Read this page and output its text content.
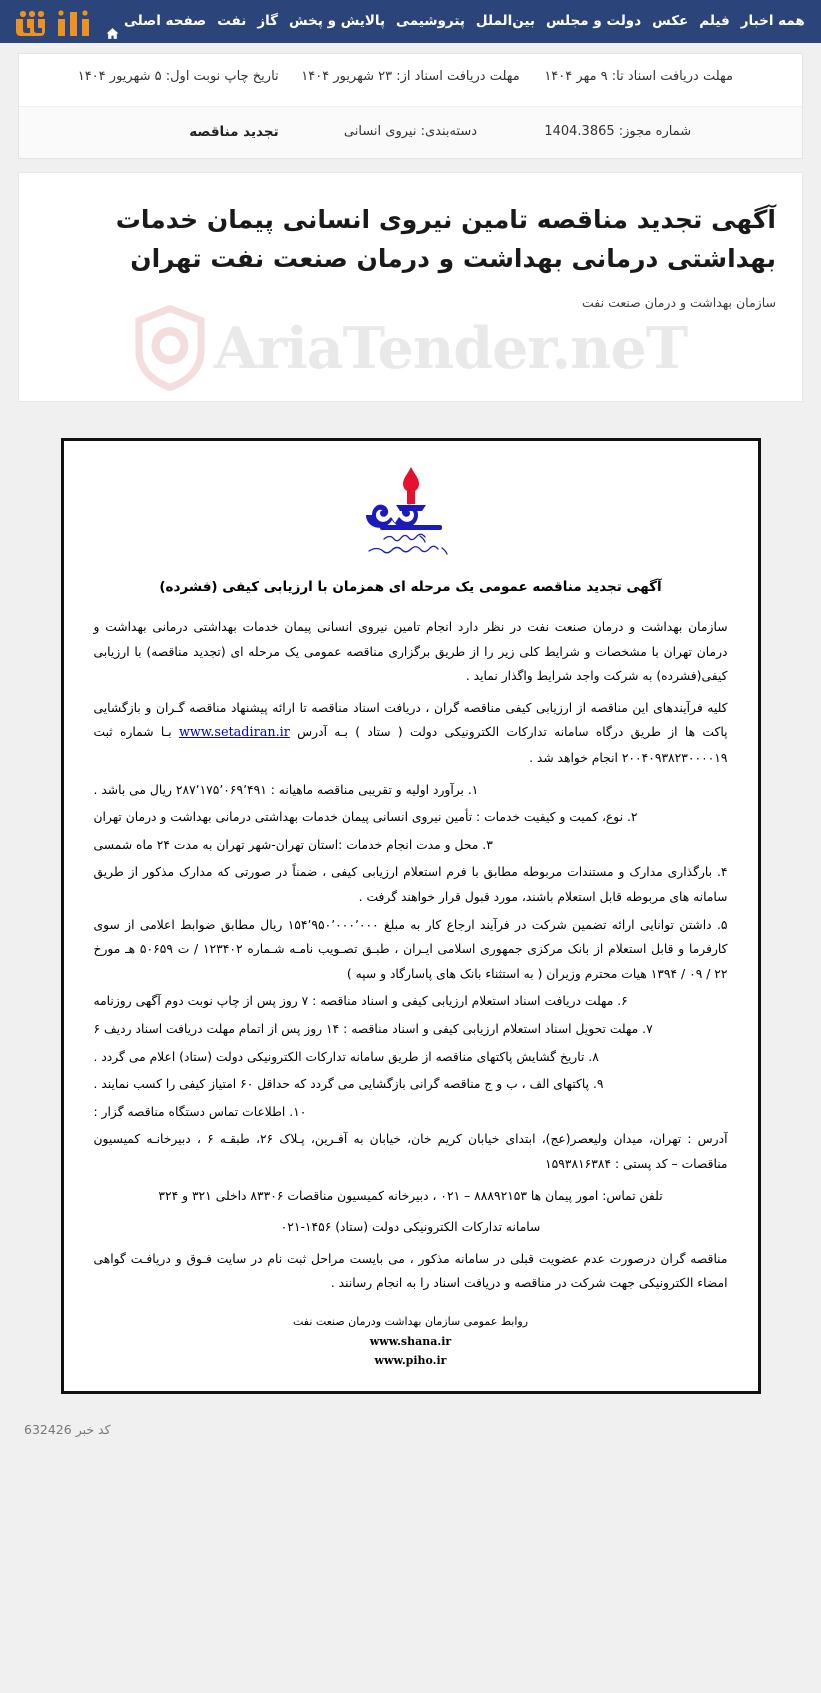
همه اخبار
فیلم
عکس
دولت و مجلس
بین‌الملل
پتروشیمی
پالایش و پخش
گاز
نفت
صفحه اصلی
مهلت دریافت اسناد تا: ۹ مهر ۱۴۰۴
مهلت دریافت اسناد از: ۲۳ شهریور ۱۴۰۴
تاریخ چاپ نوبت اول: ۵ شهریور ۱۴۰۴
شماره مجوز: 1404.3865
دسته‌بندی: نیروی انسانی
تجدید مناقصه
آگهی تجدید مناقصه تامین نیروی انسانی پیمان خدمات بهداشتی درمانی بهداشت و درمان صنعت نفت تهران
سازمان بهداشت و درمان صنعت نفت
AriaTender.neT
آگهی تجدید مناقصه عمومی یک مرحله ای همزمان با ارزیابی کیفی (فشرده)
سازمان بهداشت و درمان صنعت نفت در نظر دارد انجام تامین نیروی انسانی پیمان خدمات بهداشتی درمانی بهداشت و درمان تهران با مشخصات و شرایط کلی زیر را از طریق برگزاری مناقصه عمومی یک مرحله ای (تجدید مناقصه) با ارزیابی کیفی(فشرده) به شرکت واجد شرایط واگذار نماید .
کلیه فرآیندهای این مناقصه از ارزیابی کیفی مناقصه گران ، دریافت اسناد مناقصه تا ارائه پیشنهاد مناقصه گـران و بازگشایی پاکت ها از طریق درگاه سامانه تدارکات الکترونیکی دولت ( ستاد ) بـه آدرس www.setadiran.ir بـا شماره ثبت ۲۰۰۴۰۹۳۸۲۳۰۰۰۰۱۹ انجام خواهد شد .
۱. برآورد اولیه و تقریبی مناقصه ماهیانه : ۲۸۷٬۱۷۵٬۰۶۹٬۴۹۱ ریال می باشد .
۲. نوع، کمیت و کیفیت خدمات : تأمین نیروی انسانی پیمان خدمات بهداشتی درمانی بهداشت و درمان تهران
۳. محل و مدت انجام خدمات :استان تهران-شهر تهران به مدت ۲۴ ماه شمسی
۴. بارگذاری مدارک و مستندات مربوطه مطابق با فرم استعلام ارزیابی کیفی ، ضمناً در صورتی که مدارک مذکور از طریق سامانه های مربوطه قابل استعلام باشند، مورد قبول قرار خواهند گرفت .
۵. داشتن توانایی ارائه تضمین شرکت در فرآیند ارجاع کار به مبلغ ۱۵۴٬۹۵۰٬۰۰۰٬۰۰۰ ریال مطابق ضوابط اعلامی از سوی کارفرما و قابل استعلام از بانک مرکزی جمهوری اسلامی ایـران ، طبـق تصـویب نامـه شـماره ۱۲۳۴۰۲ / ت ۵۰۶۵۹ هـ مورخ ۲۲ / ۰۹ / ۱۳۹۴ هیات محترم وزیران ( به استثناء بانک های پاسارگاد و سپه )
۶. مهلت دریافت اسناد استعلام ارزیابی کیفی و اسناد مناقصه : ۷ روز پس از چاپ نوبت دوم آگهی روزنامه
۷. مهلت تحویل اسناد استعلام ارزیابی کیفی و اسناد مناقصه : ۱۴ روز پس از اتمام مهلت دریافت اسناد ردیف ۶
۸. تاریخ گشایش پاکتهای مناقصه از طریق سامانه تدارکات الکترونیکی دولت (ستاد) اعلام می گردد .
۹. پاکتهای الف ، ب و ج مناقصه گرانی بازگشایی می گردد که حداقل ۶۰ امتیاز کیفی را کسب نمایند .
۱۰. اطلاعات تماس دستگاه مناقصه گزار :
آدرس : تهران، میدان ولیعصر(عج)، ابتدای خیابان کریم خان، خیابان به آفـرین، پـلاک ۲۶، طبقـه ۶ ، دبیرخانـه کمیسیون مناقصات – کد پستی : ۱۵۹۳۸۱۶۳۸۴
تلفن تماس: امور پیمان ها ۸۸۸۹۲۱۵۳ – ۰۲۱ ، دبیرخانه کمیسیون مناقصات ۸۳۳۰۶ داخلی ۳۲۱ و ۳۲۴
سامانه تدارکات الکترونیکی دولت (ستاد) ۱۴۵۶-۰۲۱
مناقصه گران درصورت عدم عضویت قبلی در سامانه مذکور ، می بایست مراحل ثبت نام در سایت فـوق و دریافـت گواهی امضاء الکترونیکی جهت شرکت در مناقصه و دریافت اسناد را به انجام رسانند .
روابط عمومی سازمان بهداشت ودرمان صنعت نفت
www.shana.ir
www.piho.ir
کد خبر 632426
